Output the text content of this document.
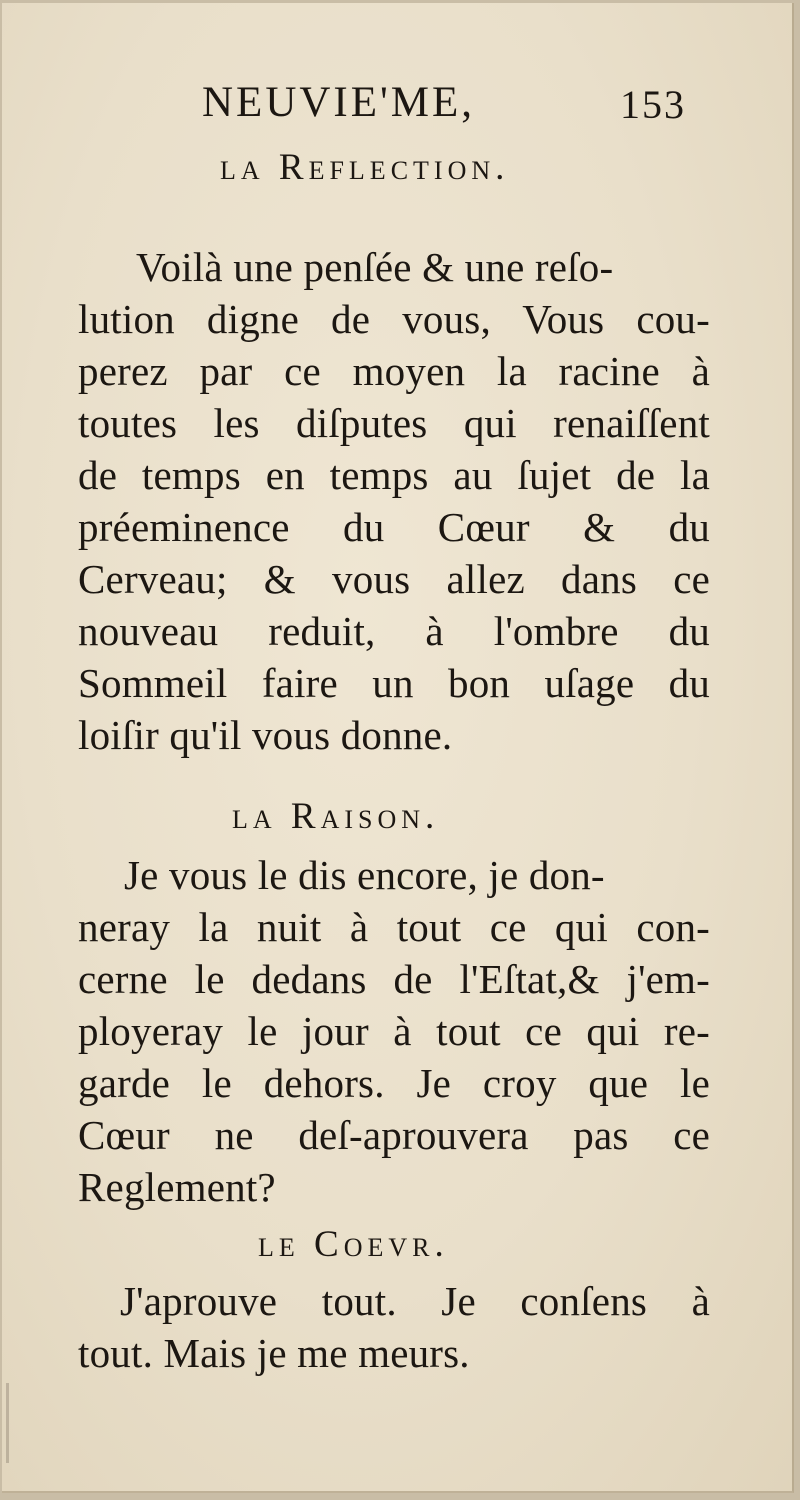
NEUVIE'ME,	153
la Reflection.
Voilà une penſée & une reſo-
lution digne de vous, Vous cou-
perez par ce moyen la racine à
toutes les diſputes qui renaiſſent
de temps en temps au ſujet de la
préeminence du Cœur & du
Cerveau; & vous allez dans ce
nouveau reduit, à l'ombre du
Sommeil faire un bon uſage du
loiſir qu'il vous donne.
la Raison.
Je vous le dis encore, je don-
neray la nuit à tout ce qui con-
cerne le dedans de l'Eſtat,& j'em-
ployeray le jour à tout ce qui re-
garde le dehors. Je croy que le
Cœur ne deſ-aprouvera pas ce
Reglement?
le Coevr.
J'aprouve tout. Je conſens à
tout. Mais je me meurs.
